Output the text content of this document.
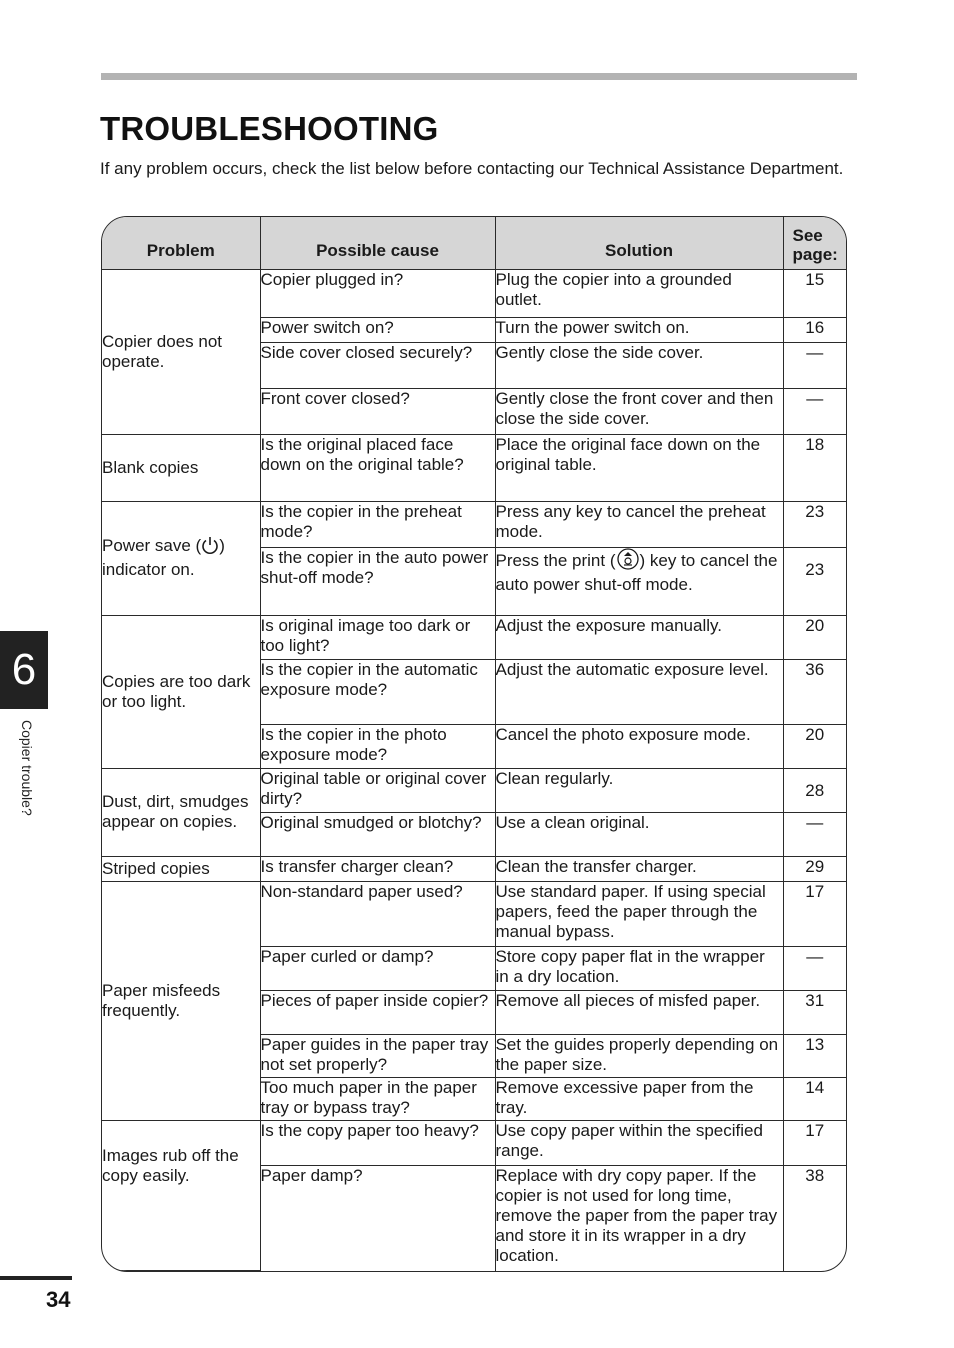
TROUBLESHOOTING

If any problem occurs, check the list below before contacting our Technical Assistance Department.

Problem	Possible cause	Solution	See
page:
Copier does not operate.	Copier plugged in?	Plug the copier into a grounded outlet.	15
	Power switch on?	Turn the power switch on.	16
	Side cover closed securely?	Gently close the side cover.	—
	Front cover closed?	Gently close the front cover and then close the side cover.	—
Blank copies	Is the original placed face down on the original table?	Place the original face down on the original table.	18
Power save ( ) indicator on.	Is the copier in the preheat mode?	Press any key to cancel the preheat mode.	23
	Is the copier in the auto power shut-off mode?	Press the print ( ) key to cancel the auto power shut-off mode.	23
Copies are too dark or too light.	Is original image too dark or too light?	Adjust the exposure manually.	20
	Is the copier in the automatic exposure mode?	Adjust the automatic exposure level.	36
	Is the copier in the photo exposure mode?	Cancel the photo exposure mode.	20
Dust, dirt, smudges appear on copies.	Original table or original cover dirty?	Clean regularly.	28
	Original smudged or blotchy?	Use a clean original.	—
Striped copies	Is transfer charger clean?	Clean the transfer charger.	29
Paper misfeeds frequently.	Non-standard paper used?	Use standard paper. If using special papers, feed the paper through the manual bypass.	17
	Paper curled or damp?	Store copy paper flat in the wrapper in a dry location.	—
	Pieces of paper inside copier?	Remove all pieces of misfed paper.	31
	Paper guides in the paper tray not set properly?	Set the guides properly depending on the paper size.	13
	Too much paper in the paper tray or bypass tray?	Remove excessive paper from the tray.	14
Images rub off the copy easily.	Is the copy paper too heavy?	Use copy paper within the specified range.	17
	Paper damp?	Replace with dry copy paper. If the copier is not used for long time, remove the paper from the paper tray and store it in its wrapper in a dry location.	38
6
Copier trouble?
34
